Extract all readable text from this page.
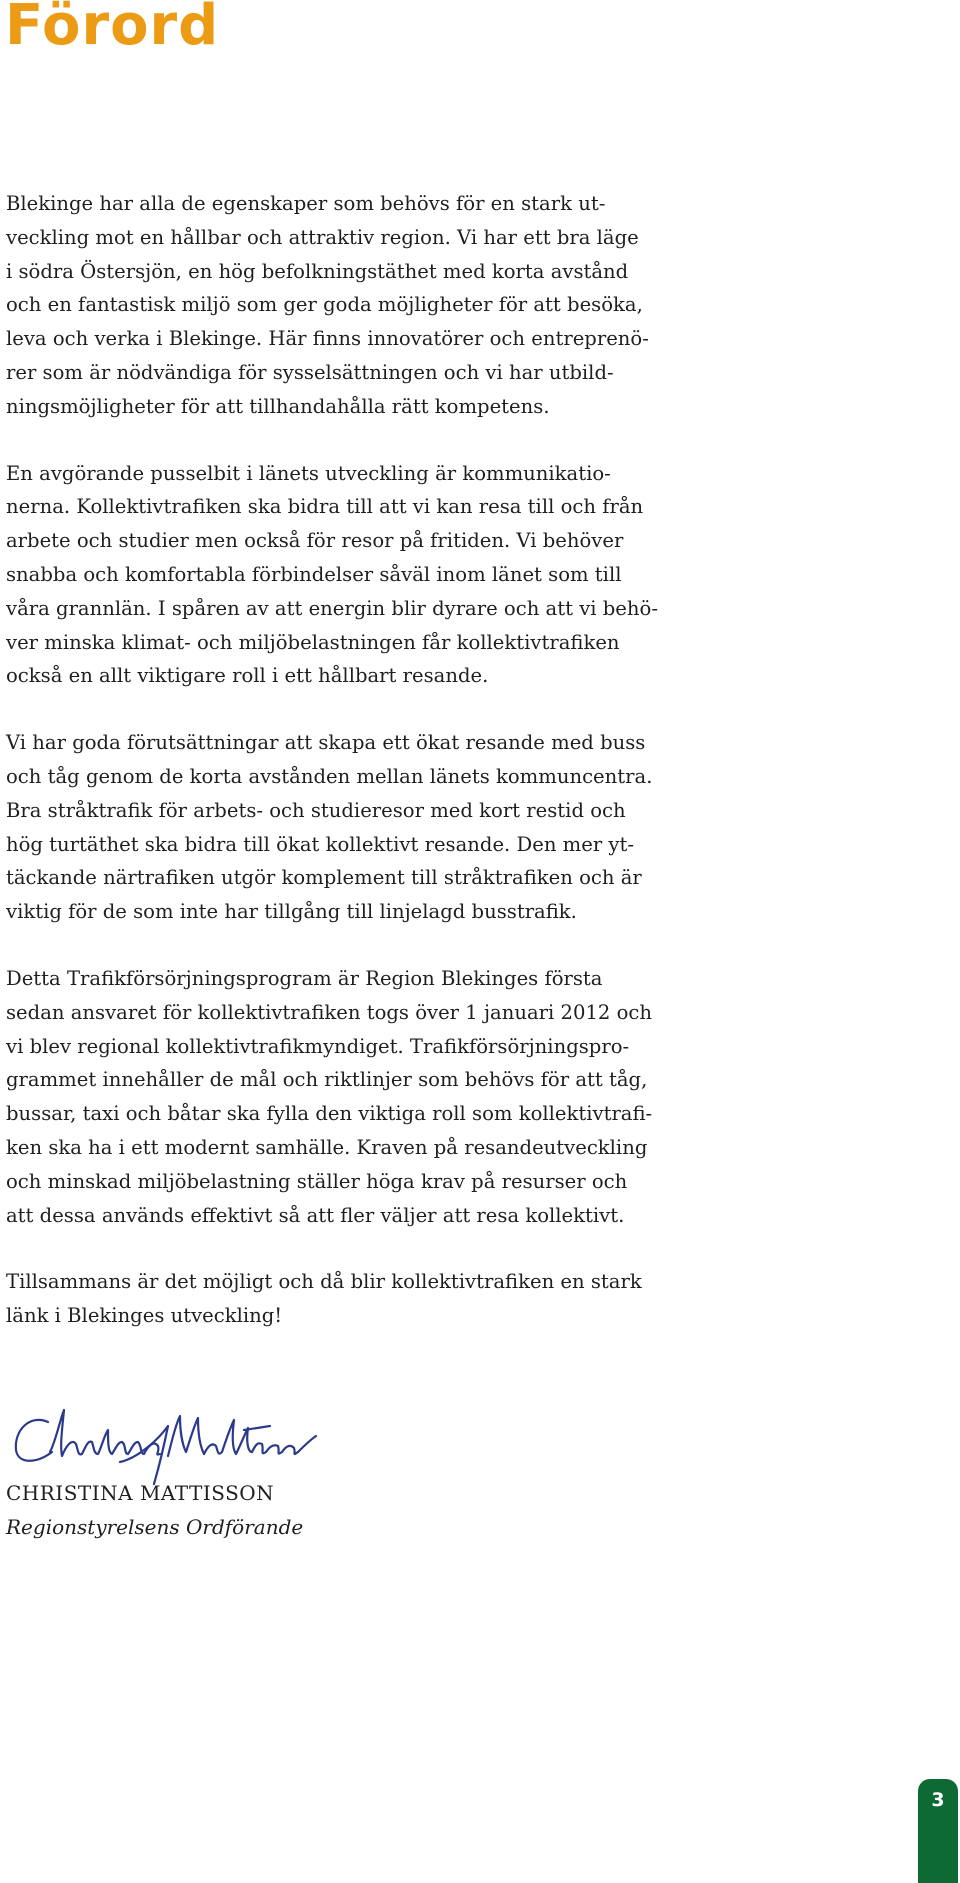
Förord

Blekinge har alla de egenskaper som behövs för en stark ut-
veckling mot en hållbar och attraktiv region. Vi har ett bra läge
i södra Östersjön, en hög befolkningstäthet med korta avstånd
och en fantastisk miljö som ger goda möjligheter för att besöka,
leva och verka i Blekinge. Här finns innovatörer och entreprenö-
rer som är nödvändiga för sysselsättningen och vi har utbild-
ningsmöjligheter för att tillhandahålla rätt kompetens.

En avgörande pusselbit i länets utveckling är kommunikatio-
nerna. Kollektivtrafiken ska bidra till att vi kan resa till och från
arbete och studier men också för resor på fritiden. Vi behöver
snabba och komfortabla förbindelser såväl inom länet som till
våra grannlän. I spåren av att energin blir dyrare och att vi behö-
ver minska klimat- och miljöbelastningen får kollektivtrafiken
också en allt viktigare roll i ett hållbart resande.

Vi har goda förutsättningar att skapa ett ökat resande med buss
och tåg genom de korta avstånden mellan länets kommuncentra.
Bra stråktrafik för arbets- och studieresor med kort restid och
hög turtäthet ska bidra till ökat kollektivt resande. Den mer yt-
täckande närtrafiken utgör komplement till stråktrafiken och är
viktig för de som inte har tillgång till linjelagd busstrafik.

Detta Trafikförsörjningsprogram är Region Blekinges första
sedan ansvaret för kollektivtrafiken togs över 1 januari 2012 och
vi blev regional kollektivtrafikmyndiget. Trafikförsörjningspro-
grammet innehåller de mål och riktlinjer som behövs för att tåg,
bussar, taxi och båtar ska fylla den viktiga roll som kollektivtrafi-
ken ska ha i ett modernt samhälle. Kraven på resandeutveckling
och minskad miljöbelastning ställer höga krav på resurser och
att dessa används effektivt så att fler väljer att resa kollektivt.

Tillsammans är det möjligt och då blir kollektivtrafiken en stark
länk i Blekinges utveckling!

CHRISTINA MATTISSON

Regionstyrelsens Ordförande

3
